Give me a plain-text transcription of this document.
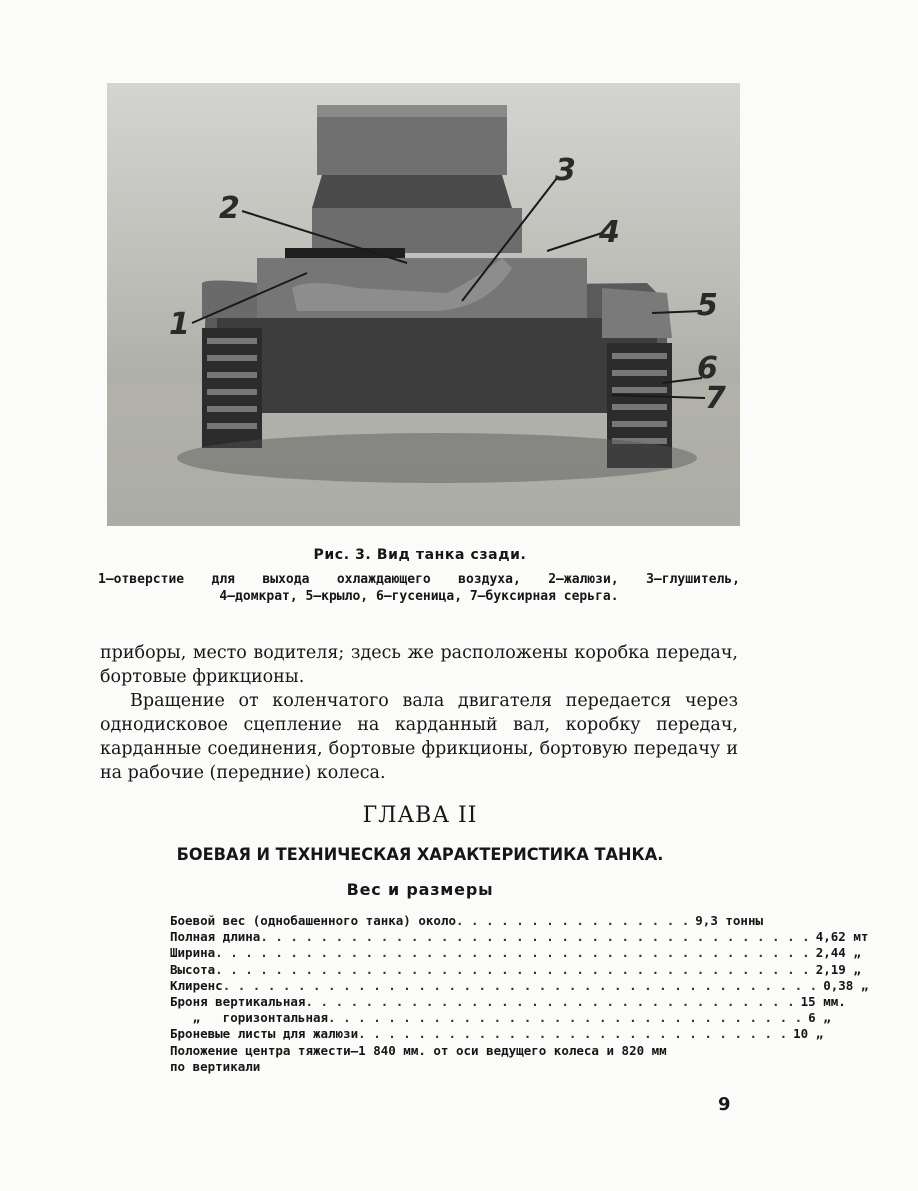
1
2
3
4
5
6
7
Рис. 3. Вид танка сзади.
1—отверстие для выхода охлаждающего воздуха, 2—жалюзи, 3—глушитель,
4—домкрат, 5—крыло, 6—гусеница, 7—буксирная серьга.

приборы, место водителя; здесь же расположены коробка передач, бортовые фрикционы.

Вращение от коленчатого вала двигателя передается через однодисковое сцепление на карданный вал, коробку передач, карданные соединения, бортовые фрикционы, бортовую передачу и на рабочие (передние) колеса.

ГЛАВА II
БОЕВАЯ И ТЕХНИЧЕСКАЯ ХАРАКТЕРИСТИКА ТАНКА.
Вес и размеры
Боевой вес (однобашенного танка) около . . . . . . . . . . . . . . . . 9,3 тонны
Полная длина . . . . . . . . . . . . . . . . . . . . . . . . . . . . . . . . . . . . . 4,62 мт
Ширина . . . . . . . . . . . . . . . . . . . . . . . . . . . . . . . . . . . . . . . . 2,44 „
Высота . . . . . . . . . . . . . . . . . . . . . . . . . . . . . . . . . . . . . . . . 2,19 „
Клиренс . . . . . . . . . . . . . . . . . . . . . . . . . . . . . . . . . . . . . . . . 0,38 „
Броня вертикальная . . . . . . . . . . . . . . . . . . . . . . . . . . . . . . . . . 15 мм.
„   горизонтальная . . . . . . . . . . . . . . . . . . . . . . . . . . . . . . . . 6 „
Броневые листы для жалюзи . . . . . . . . . . . . . . . . . . . . . . . . . . . . . 10 „
Положение центра тяжести—1 840 мм. от оси ведущего колеса и 820 мм по вертикали
9
